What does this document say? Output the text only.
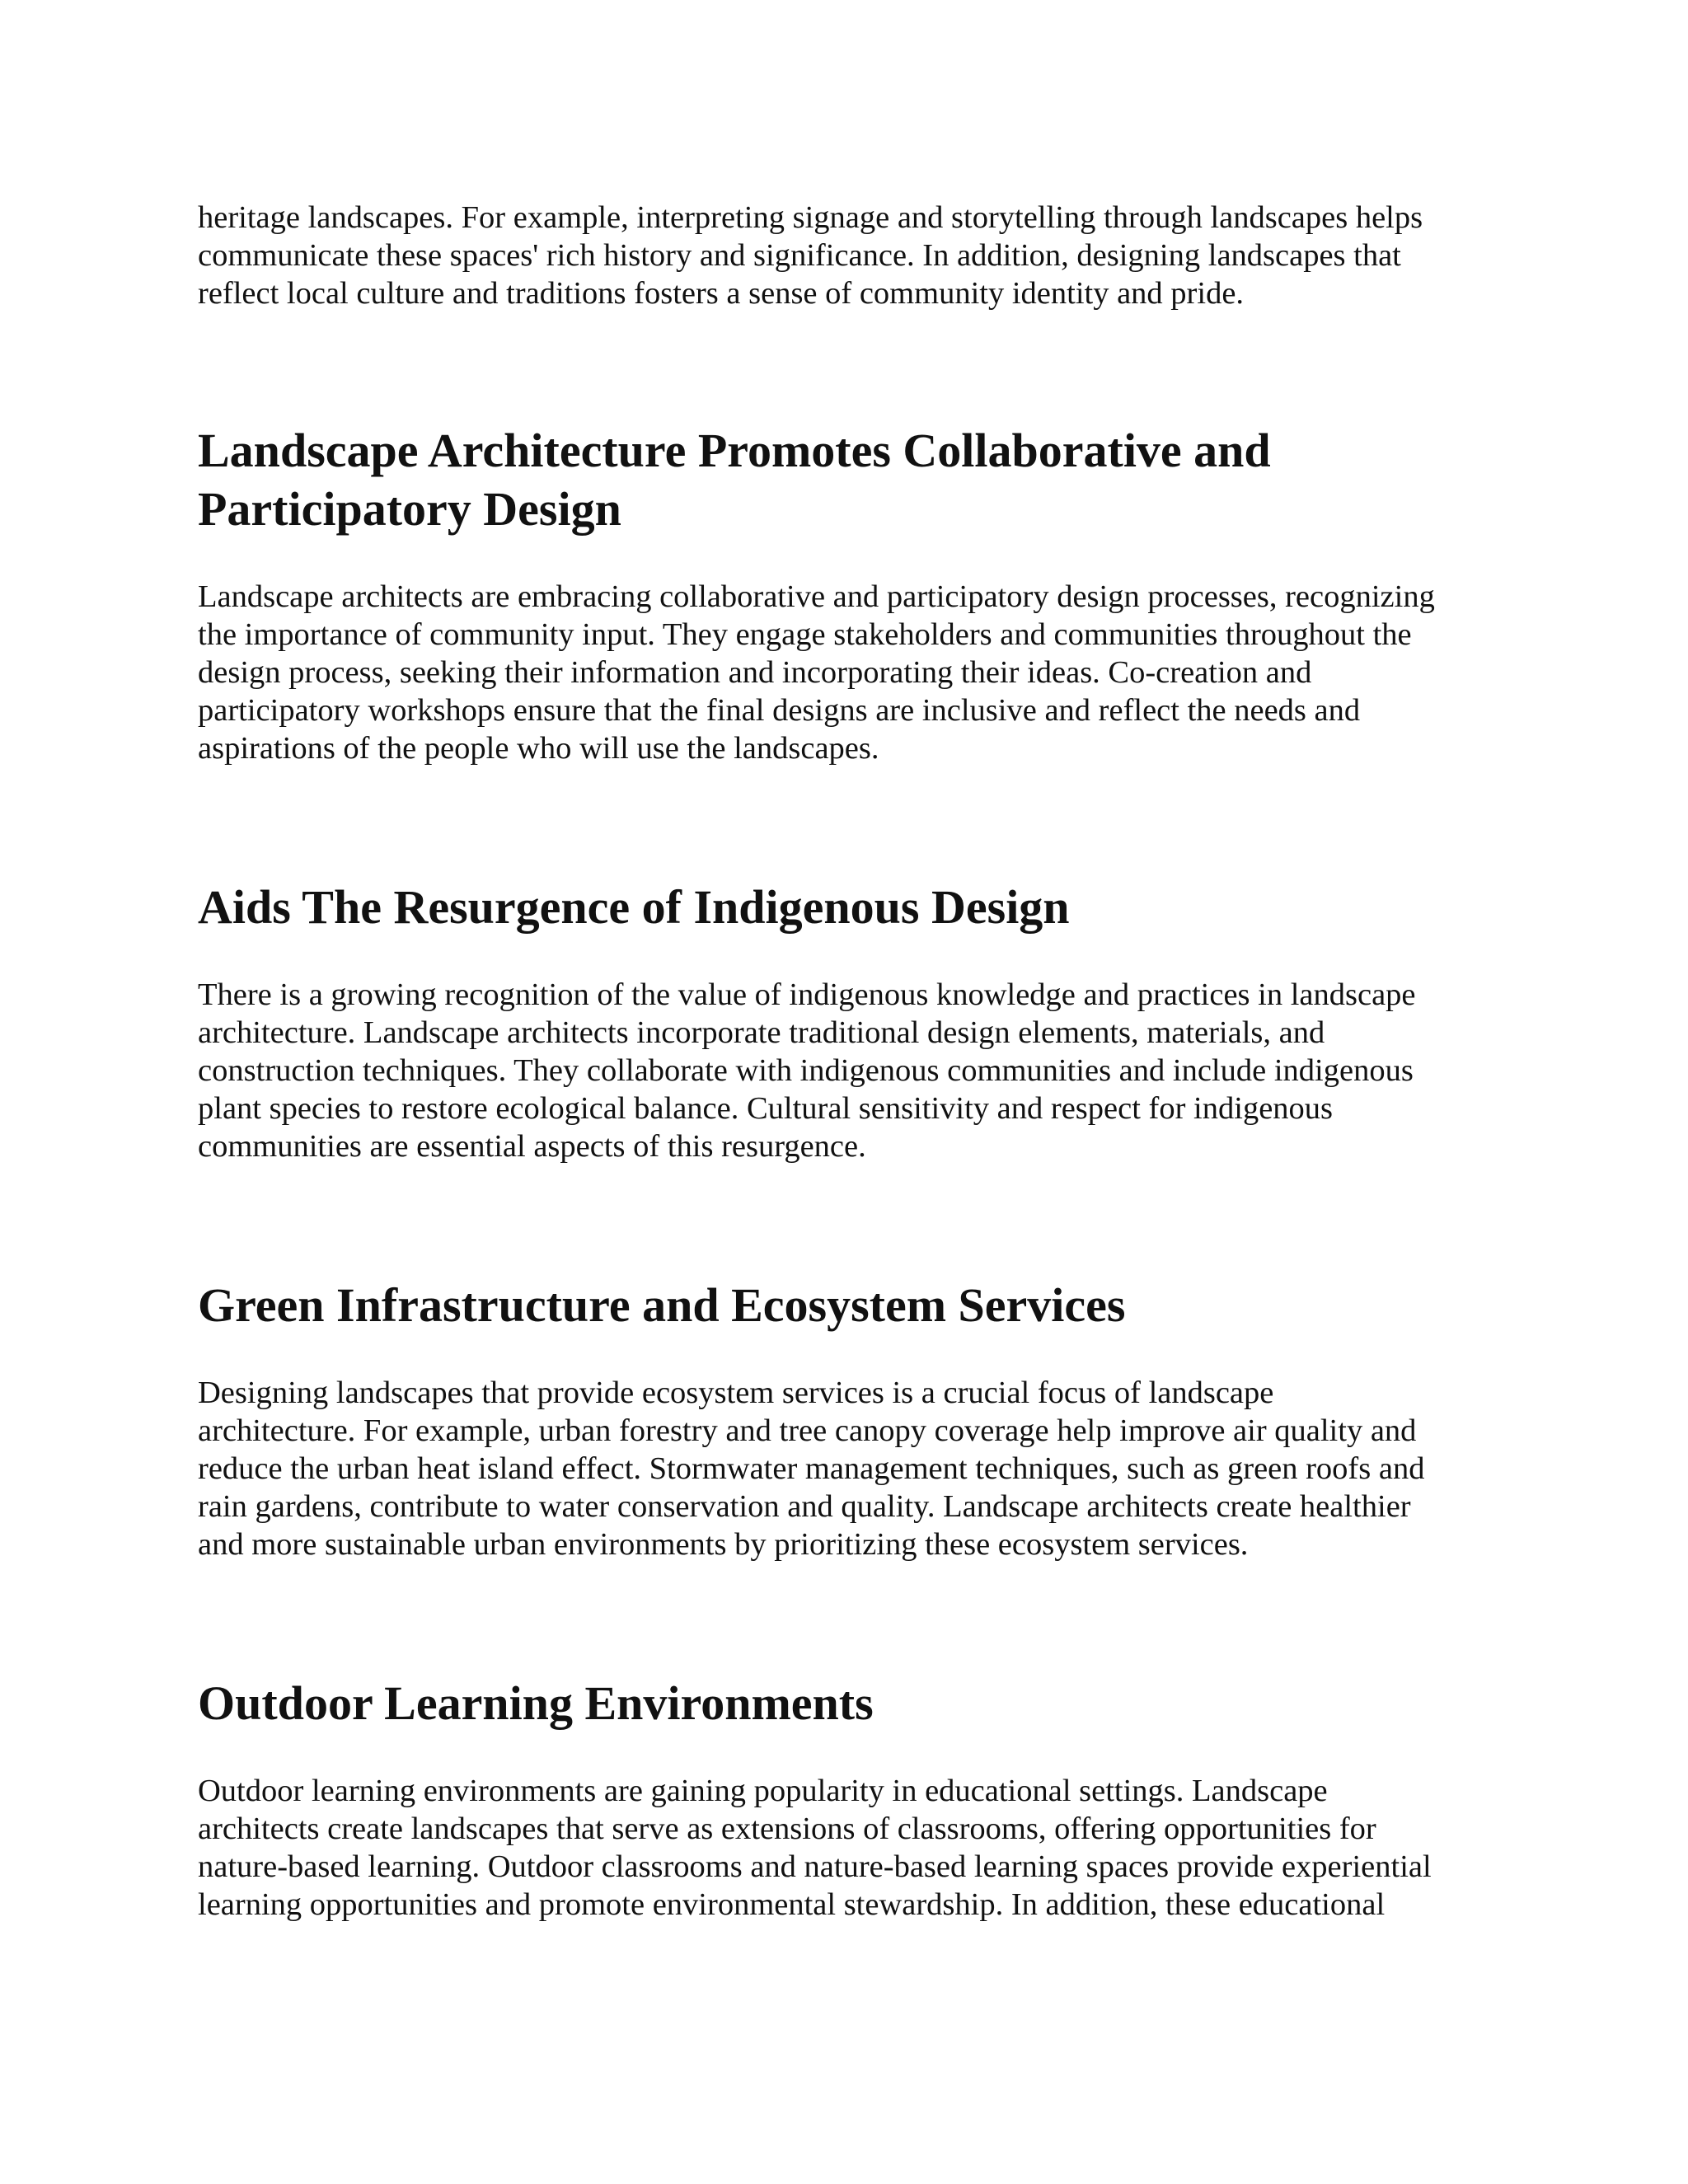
heritage landscapes. For example, interpreting signage and storytelling through landscapes helps
communicate these spaces' rich history and significance. In addition, designing landscapes that
reflect local culture and traditions fosters a sense of community identity and pride.

Landscape Architecture Promotes Collaborative and
Participatory Design

Landscape architects are embracing collaborative and participatory design processes, recognizing
the importance of community input. They engage stakeholders and communities throughout the
design process, seeking their information and incorporating their ideas. Co-creation and
participatory workshops ensure that the final designs are inclusive and reflect the needs and
aspirations of the people who will use the landscapes.

Aids The Resurgence of Indigenous Design

There is a growing recognition of the value of indigenous knowledge and practices in landscape
architecture. Landscape architects incorporate traditional design elements, materials, and
construction techniques. They collaborate with indigenous communities and include indigenous
plant species to restore ecological balance. Cultural sensitivity and respect for indigenous
communities are essential aspects of this resurgence.

Green Infrastructure and Ecosystem Services

Designing landscapes that provide ecosystem services is a crucial focus of landscape
architecture. For example, urban forestry and tree canopy coverage help improve air quality and
reduce the urban heat island effect. Stormwater management techniques, such as green roofs and
rain gardens, contribute to water conservation and quality. Landscape architects create healthier
and more sustainable urban environments by prioritizing these ecosystem services.

Outdoor Learning Environments

Outdoor learning environments are gaining popularity in educational settings. Landscape
architects create landscapes that serve as extensions of classrooms, offering opportunities for
nature-based learning. Outdoor classrooms and nature-based learning spaces provide experiential
learning opportunities and promote environmental stewardship. In addition, these educational
